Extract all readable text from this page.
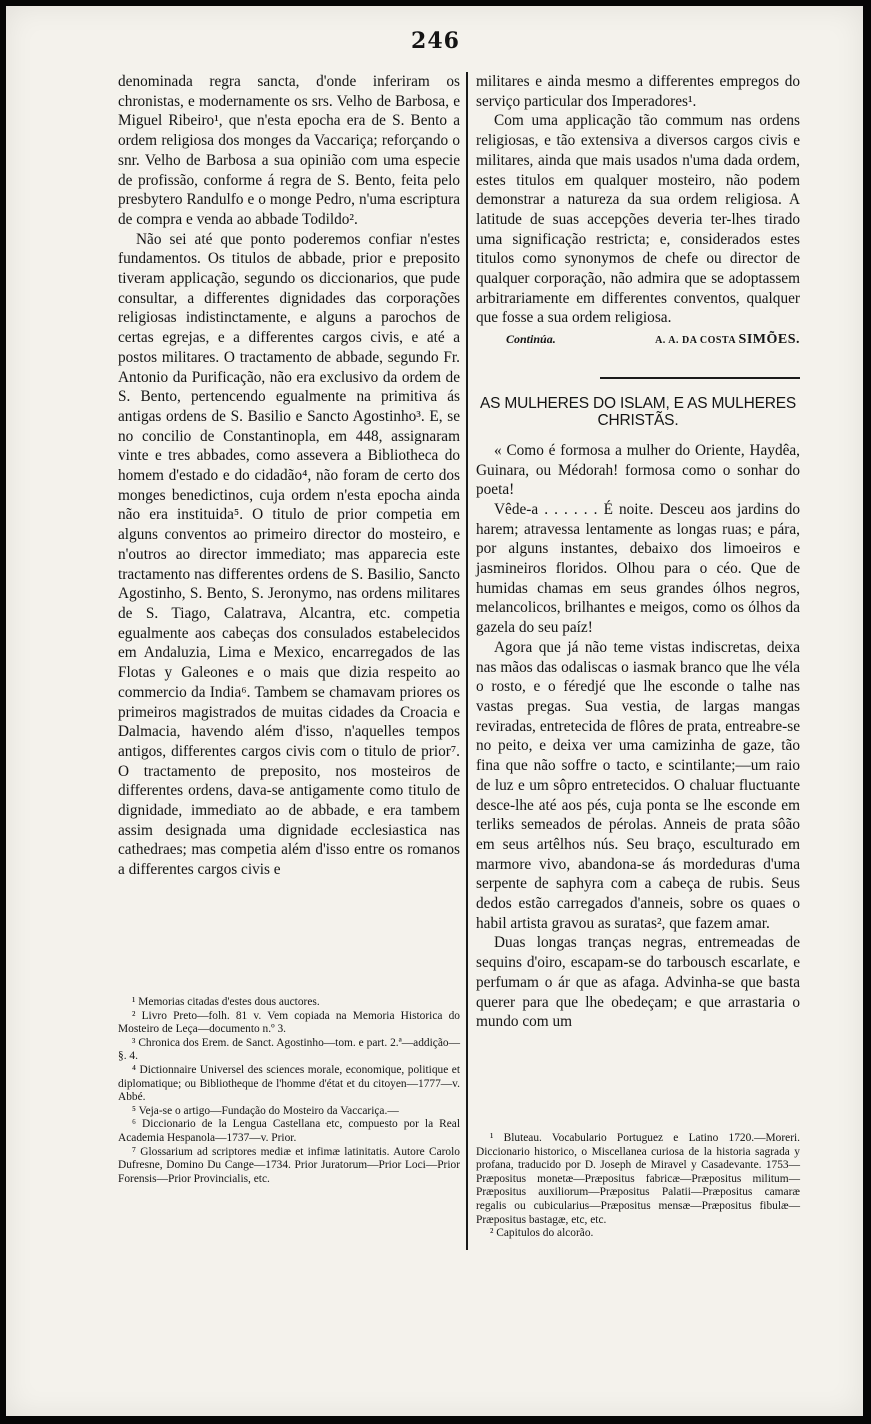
246

denominada regra sancta, d'onde inferiram os chronistas, e modernamente os srs. Velho de Barbosa, e Miguel Ribeiro¹, que n'esta epocha era de S. Bento a ordem religiosa dos monges da Vaccariça; reforçando o snr. Velho de Barbosa a sua opinião com uma especie de profissão, conforme á regra de S. Bento, feita pelo presbytero Randulfo e o monge Pedro, n'uma escriptura de compra e venda ao abbade Todildo².

Não sei até que ponto poderemos confiar n'estes fundamentos. Os titulos de abbade, prior e preposito tiveram applicação, segundo os diccionarios, que pude consultar, a differentes dignidades das corporações religiosas indistinctamente, e alguns a parochos de certas egrejas, e a differentes cargos civis, e até a postos militares. O tractamento de abbade, segundo Fr. Antonio da Purificação, não era exclusivo da ordem de S. Bento, pertencendo egualmente na primitiva ás antigas ordens de S. Basilio e Sancto Agostinho³. E, se no concilio de Constantinopla, em 448, assignaram vinte e tres abbades, como assevera a Bibliotheca do homem d'estado e do cidadão⁴, não foram de certo dos monges benedictinos, cuja ordem n'esta epocha ainda não era instituida⁵. O titulo de prior competia em alguns conventos ao primeiro director do mosteiro, e n'outros ao director immediato; mas apparecia este tractamento nas differentes ordens de S. Basilio, Sancto Agostinho, S. Bento, S. Jeronymo, nas ordens militares de S. Tiago, Calatrava, Alcantra, etc. competia egualmente aos cabeças dos consulados estabelecidos em Andaluzia, Lima e Mexico, encarregados de las Flotas y Galeones e o mais que dizia respeito ao commercio da India⁶. Tambem se chamavam priores os primeiros magistrados de muitas cidades da Croacia e Dalmacia, havendo além d'isso, n'aquelles tempos antigos, differentes cargos civis com o titulo de prior⁷. O tractamento de preposito, nos mosteiros de differentes ordens, dava-se antigamente como titulo de dignidade, immediato ao de abbade, e era tambem assim designada uma dignidade ecclesiastica nas cathedraes; mas competia além d'isso entre os romanos a differentes cargos civis e

¹ Memorias citadas d'estes dous auctores.

² Livro Preto—folh. 81 v. Vem copiada na Memoria Historica do Mosteiro de Leça—documento n.º 3.

³ Chronica dos Erem. de Sanct. Agostinho—tom. e part. 2.ª—addição—§. 4.

⁴ Dictionnaire Universel des sciences morale, economique, politique et diplomatique; ou Bibliotheque de l'homme d'état et du citoyen—1777—v. Abbé.

⁵ Veja-se o artigo—Fundação do Mosteiro da Vaccariça.—

⁶ Diccionario de la Lengua Castellana etc, compuesto por la Real Academia Hespanola—1737—v. Prior.

⁷ Glossarium ad scriptores mediæ et infimæ latinitatis. Autore Carolo Dufresne, Domino Du Cange—1734. Prior Juratorum—Prior Loci—Prior Forensis—Prior Provincialis, etc.

militares e ainda mesmo a differentes empregos do serviço particular dos Imperadores¹.

Com uma applicação tão commum nas ordens religiosas, e tão extensiva a diversos cargos civis e militares, ainda que mais usados n'uma dada ordem, estes titulos em qualquer mosteiro, não podem demonstrar a natureza da sua ordem religiosa. A latitude de suas accepções deveria ter-lhes tirado uma significação restricta; e, considerados estes titulos como synonymos de chefe ou director de qualquer corporação, não admira que se adoptassem arbitrariamente em differentes conventos, qualquer que fosse a sua ordem religiosa.

Continúa.	A. A. DA COSTA SIMÕES.
AS MULHERES DO ISLAM, E AS MULHERES
CHRISTÃS.

« Como é formosa a mulher do Oriente, Haydêa, Guinara, ou Médorah! formosa como o sonhar do poeta!

Vêde-a . . . . . . É noite. Desceu aos jardins do harem; atravessa lentamente as longas ruas; e pára, por alguns instantes, debaixo dos limoeiros e jasmineiros floridos. Olhou para o céo. Que de humidas chamas em seus grandes ólhos negros, melancolicos, brilhantes e meigos, como os ólhos da gazela do seu paíz!

Agora que já não teme vistas indiscretas, deixa nas mãos das odaliscas o iasmak branco que lhe véla o rosto, e o féredjé que lhe esconde o talhe nas vastas pregas. Sua vestia, de largas mangas reviradas, entretecida de flôres de prata, entreabre-se no peito, e deixa ver uma camizinha de gaze, tão fina que não soffre o tacto, e scintilante;—um raio de luz e um sôpro entretecidos. O chaluar fluctuante desce-lhe até aos pés, cuja ponta se lhe esconde em terliks semeados de pérolas. Anneis de prata sôão em seus artêlhos nús. Seu braço, esculturado em marmore vivo, abandona-se ás mordeduras d'uma serpente de saphyra com a cabeça de rubis. Seus dedos estão carregados d'anneis, sobre os quaes o habil artista gravou as suratas², que fazem amar.

Duas longas tranças negras, entremeadas de sequins d'oiro, escapam-se do tarbousch escarlate, e perfumam o ár que as afaga. Advinha-se que basta querer para que lhe obedeçam; e que arrastaria o mundo com um

¹ Bluteau. Vocabulario Portuguez e Latino 1720.—Moreri. Diccionario historico, o Miscellanea curiosa de la historia sagrada y profana, traducido por D. Joseph de Miravel y Casadevante. 1753—Præpositus monetæ—Præpositus fabricæ—Præpositus militum—Præpositus auxiliorum—Præpositus Palatii—Præpositus camaræ regalis ou cubicularius—Præpositus mensæ—Præpositus fibulæ—Præpositus bastagæ, etc, etc.

² Capitulos do alcorão.
